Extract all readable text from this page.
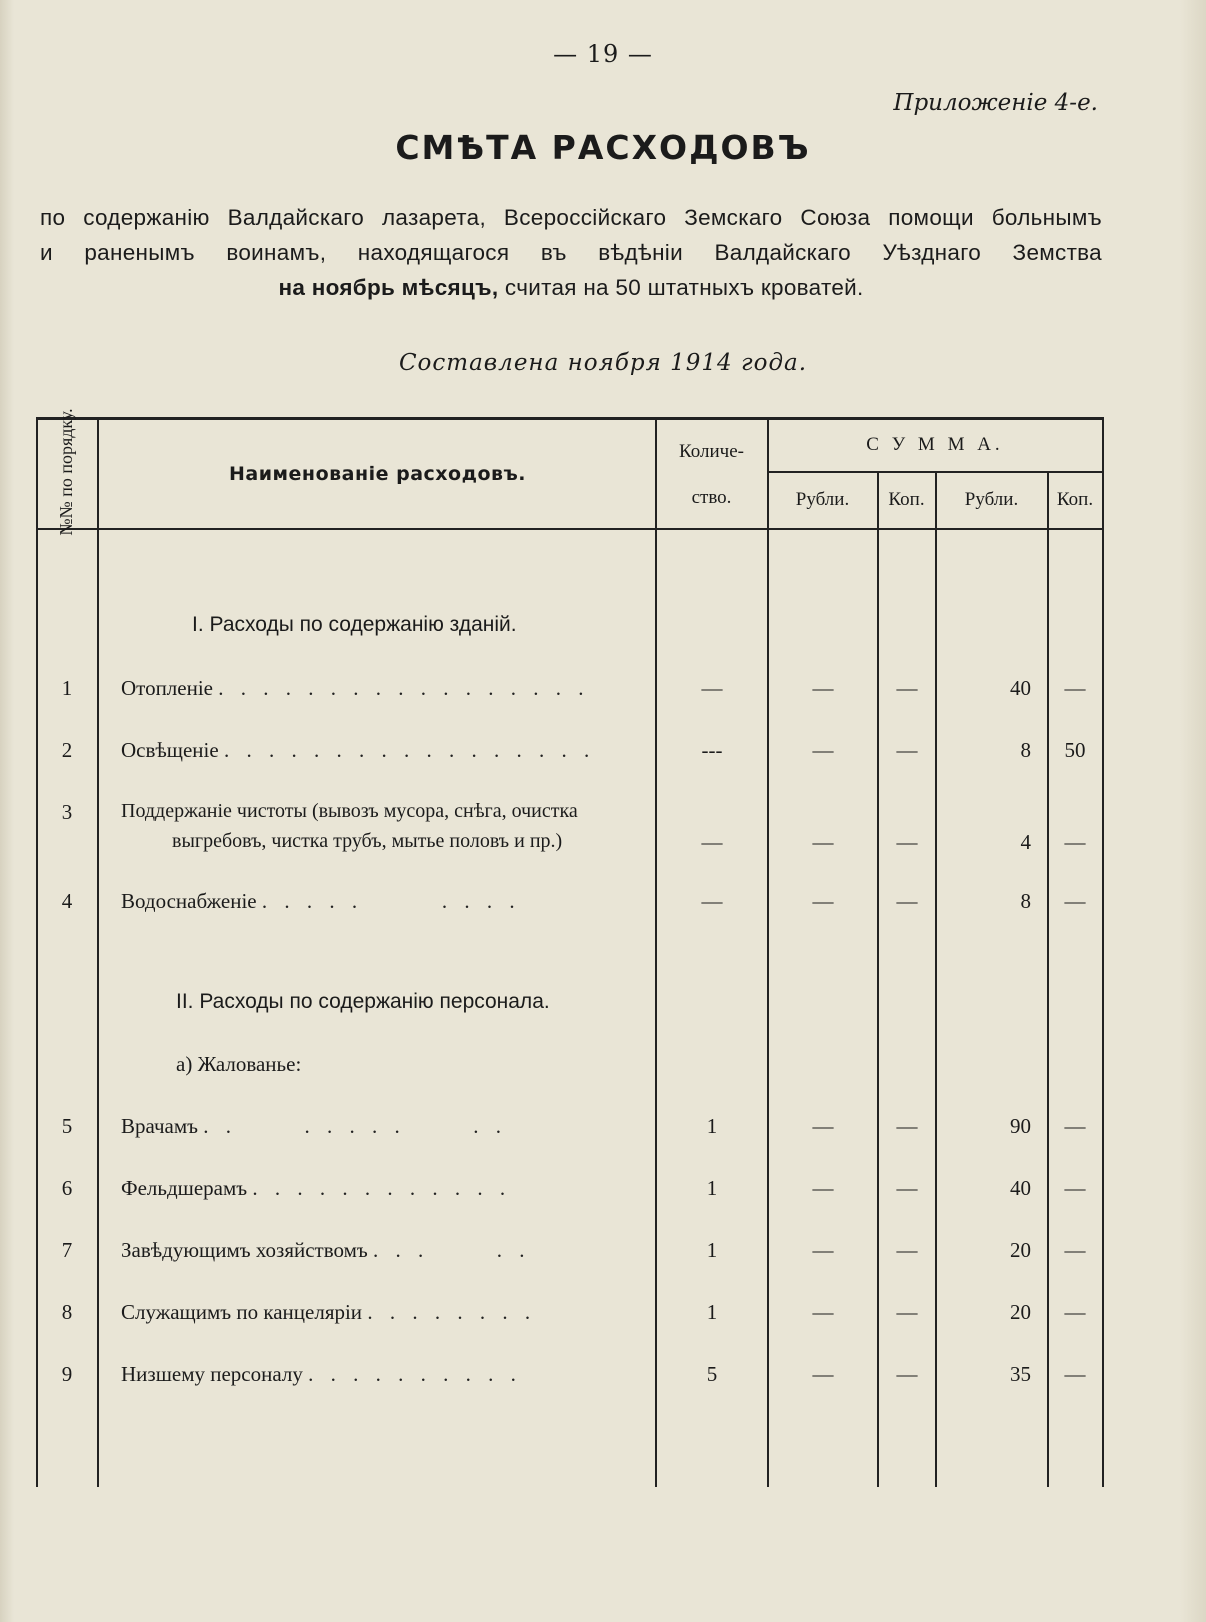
— 19 —
Приложеніе 4-е.
СМѢТА РАСХОДОВЪ
по содержанію Валдайскаго лазарета, Всероссійскаго Земскаго Союза помощи больнымъ
и раненымъ воинамъ, находящагося въ вѣдѣніи Валдайскаго Уѣзднаго Земства
на ноябрь мѣсяцъ, считая на 50 штатныхъ кроватей.
Составлена ноября 1914 года.
№№ по порядку.	Наименованіе расходовъ.
Количе-
ство.
С У М М А.
Рубли.	Коп.	Рубли.	Коп.
I. Расходы по содержанію зданій.
1	Отопленіе . . . . . . . . . . . . . . . . .	—	—	—	40	—
2	Освѣщеніе . . . . . . . . . . . . . . . . .	---	—	—	8	50
3	Поддержаніе чистоты (вывозъ мусора, снѣга, очистка
выгребовъ, чистка трубъ, мытье половъ и пр.)	—	—	—	4	—
4	Водоснабженіе . . . . .       . . . .	—	—	—	8	—
II. Расходы по содержанію персонала.
а) Жалованье:
5	Врачамъ . .      . . . . .      . .	1	—	—	90	—
6	Фельдшерамъ . . . . . . . . . . . .	1	—	—	40	—
7	Завѣдующимъ хозяйствомъ . . .      . .	1	—	—	20	—
8	Служащимъ по канцеляріи . . . . . . . .	1	—	—	20	—
9	Низшему персоналу . . . . . . . . . .	5	—	—	35	—
